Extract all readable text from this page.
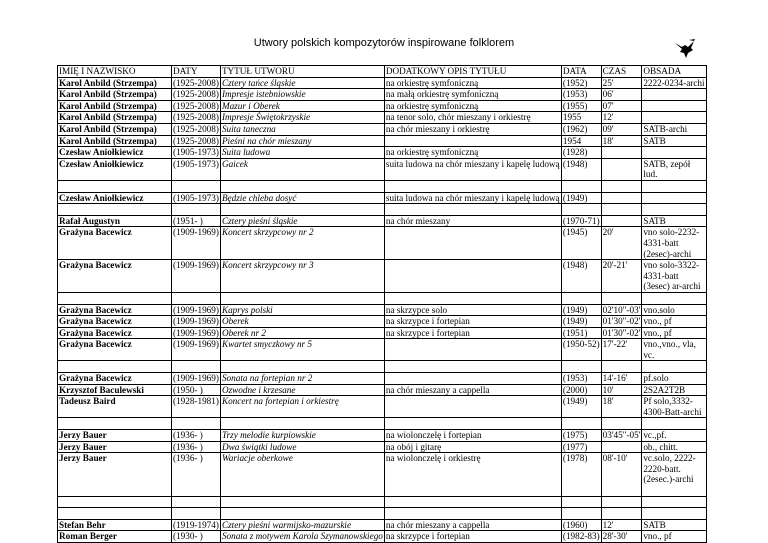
Utwory polskich kompozytorów inspirowane folklorem
IMIĘ I NAZWISKO	DATY	TYTUŁ UTWORU	DODATKOWY OPIS TYTUŁU	DATA	CZAS	OBSADA
Karol Anbild (Strzempa)	(1925-2008)	Cztery tańce śląskie	na orkiestrę symfoniczną	(1952)	25'	2222-0234-archi
Karol Anbild (Strzempa)	(1925-2008)	Impresje istebniowskie	na małą orkiestrę symfoniczną	(1953)	06'	
Karol Anbild (Strzempa)	(1925-2008)	Mazur i Oberek	na orkiestrę symfoniczną	(1955)	07'	
Karol Anbild (Strzempa)	(1925-2008)	Impresje Świętokrzyskie	na tenor solo, chór mieszany i orkiestrę	1955	12'	
Karol Anbild (Strzempa)	(1925-2008)	Suita taneczna	na chór mieszany i orkiestrę	(1962)	09'	SATB-archi
Karol Anbild (Strzempa)	(1925-2008)	Pieśni na chór mieszany		1954	18'	SATB
Czesław Aniołkiewicz	(1905-1973)	Suita ludowa	na orkiestrę symfoniczną	(1928)		
Czesław Aniołkiewicz	(1905-1973)	Gaicek	suita ludowa na chór mieszany i kapelę ludową	(1948)		SATB, zepół lud.

Czesław Aniołkiewicz	(1905-1973)	Będzie chleba dosyć	suita ludowa na chór mieszany i kapelę ludową	(1949)		

Rafał Augustyn	(1951- )	Cztery pieśni śląskie	na chór mieszany	(1970-71)		SATB
Grażyna Bacewicz	(1909-1969)	Koncert skrzypcowy nr 2		(1945)	20'	vno solo-2232-4331-batt (2esec)-archi
Grażyna Bacewicz	(1909-1969)	Koncert skrzypcowy nr 3		(1948)	20'-21'	vno solo-3322-4331-batt (3esec) ar-archi

Grażyna Bacewicz	(1909-1969)	Kaprys polski	na skrzypce solo	(1949)	02'10"-03'	vno.solo
Grażyna Bacewicz	(1909-1969)	Oberek	na skrzypce i fortepian	(1949)	01'30"-02'	vno., pf
Grażyna Bacewicz	(1909-1969)	Oberek nr 2	na skrzypce i fortepian	(1951)	01'30"-02'	vno., pf
Grażyna Bacewicz	(1909-1969)	Kwartet smyczkowy nr 5		(1950-52)	17'-22'	vno.,vno., vla, vc.

Grażyna Bacewicz	(1909-1969)	Sonata na fortepian nr 2		(1953)	14'-16'	pf.solo
Krzysztof Baculewski	(1950- )	Ozwodne i krzesane	na chór mieszany a cappella	(2000)	10'	2S2A2T2B
Tadeusz Baird	(1928-1981)	Koncert na fortepian i orkiestrę		(1949)	18'	Pf solo,3332-4300-Batt-archi

Jerzy Bauer	(1936- )	Trzy melodie kurpiowskie	na wiolonczelę i fortepian	(1975)	03'45"-05'	vc.,pf.
Jerzy Bauer	(1936- )	Dwa świątki ludowe	na obój i gitarę	(1977)		ob., chitt.
Jerzy Bauer	(1936- )	Wariacje oberkowe	na wiolonczelę i orkiestrę	(1978)	08'-10'	vc.solo, 2222-2220-batt.(2esec.)-archi

Stefan Behr	(1919-1974)	Cztery pieśni warmijsko-mazurskie	na chór mieszany a cappella	(1960)	12'	SATB
Roman Berger	(1930- )	Sonata z motywem Karola Szymanowskiego	na skrzypce i fortepian	(1982-83)	28'-30'	vno., pf
